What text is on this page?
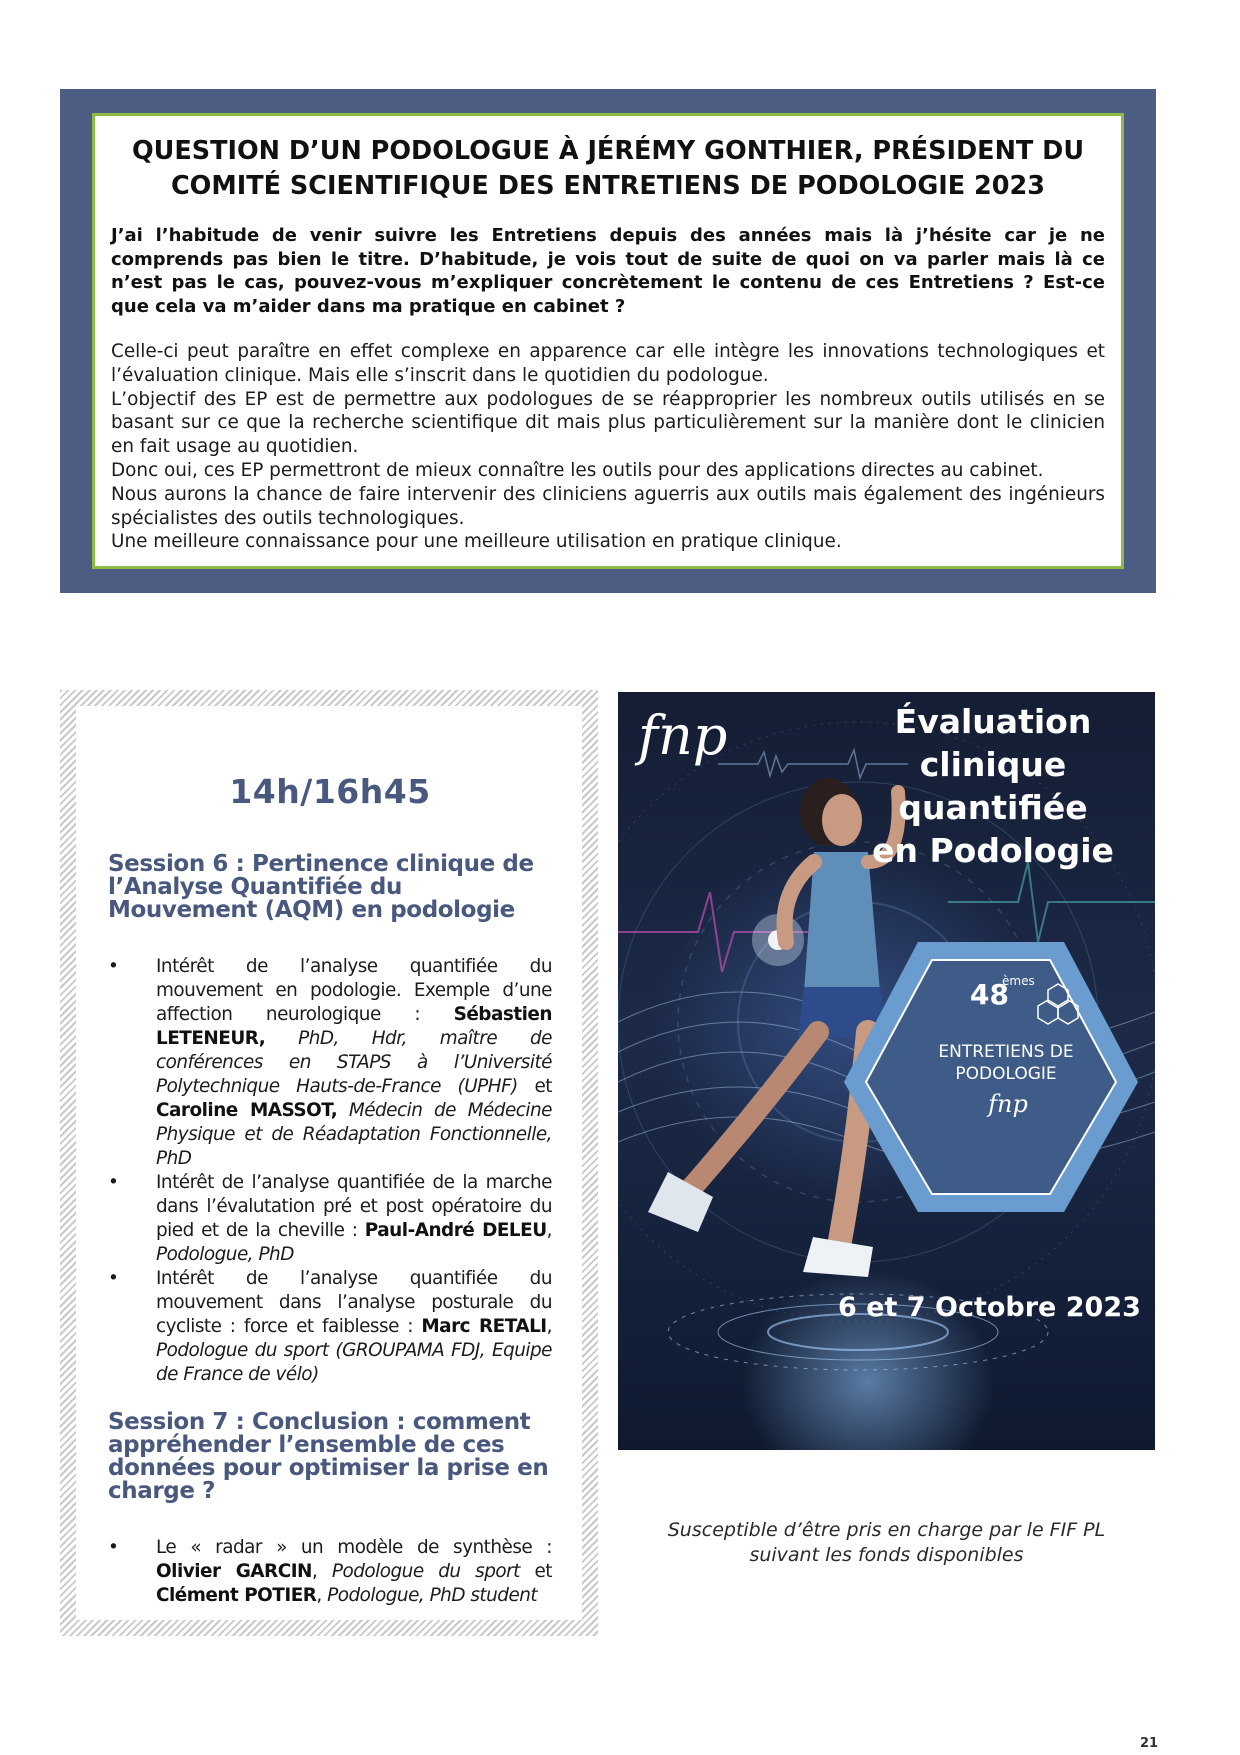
QUESTION D’UN PODOLOGUE À JÉRÉMY GONTHIER, PRÉSIDENT DU
COMITÉ SCIENTIFIQUE DES ENTRETIENS DE PODOLOGIE 2023

J’ai l’habitude de venir suivre les Entretiens depuis des années mais là j’hésite car je ne comprends pas bien le titre. D’habitude, je vois tout de suite de quoi on va parler mais là ce n’est pas le cas, pouvez-vous m’expliquer concrètement le contenu de ces Entretiens ? Est-ce que cela va m’aider dans ma pratique en cabinet ?

Celle-ci peut paraître en effet complexe en apparence car elle intègre les innovations technologiques et l’évaluation clinique. Mais elle s’inscrit dans le quotidien du podologue.

L’objectif des EP est de permettre aux podologues de se réapproprier les nombreux outils utilisés en se basant sur ce que la recherche scientifique dit mais plus particulièrement sur la manière dont le clinicien en fait usage au quotidien.

Donc oui, ces EP permettront de mieux connaître les outils pour des applications directes au cabinet.

Nous aurons la chance de faire intervenir des cliniciens aguerris aux outils mais également des ingénieurs spécialistes des outils technologiques.

Une meilleure connaissance pour une meilleure utilisation en pratique clinique.

14h/16h45
Session 6 : Pertinence clinique de l’Analyse Quantifiée du Mouvement (AQM) en podologie
• Intérêt de l’analyse quantifiée du mouvement en podologie. Exemple d’une affection neurologique : Sébastien LETENEUR, PhD, Hdr, maître de conférences en STAPS à l’Université Polytechnique Hauts-de-France (UPHF) et Caroline MASSOT, Médecin de Médecine Physique et de Réadaptation Fonctionnelle, PhD
• Intérêt de l’analyse quantifiée de la marche dans l’évalutation pré et post opératoire du pied et de la cheville : Paul-André DELEU, Podologue, PhD
• Intérêt de l’analyse quantifiée du mouvement dans l’analyse posturale du cycliste : force et faiblesse : Marc RETALI, Podologue du sport (GROUPAMA FDJ, Equipe de France de vélo)
Session 7 : Conclusion : comment appréhender l’ensemble de ces données pour optimiser la prise en charge ?
• Le « radar » un modèle de synthèse : Olivier GARCIN, Podologue du sport et Clément POTIER, Podologue, PhD student
fnp	Évaluation
clinique
quantifiée
en Podologie
48
èmes
ENTRETIENS DE
PODOLOGIE
fnp
6 et 7 Octobre 2023

Susceptible d’être pris en charge par le FIF PL
suivant les fonds disponibles

21
